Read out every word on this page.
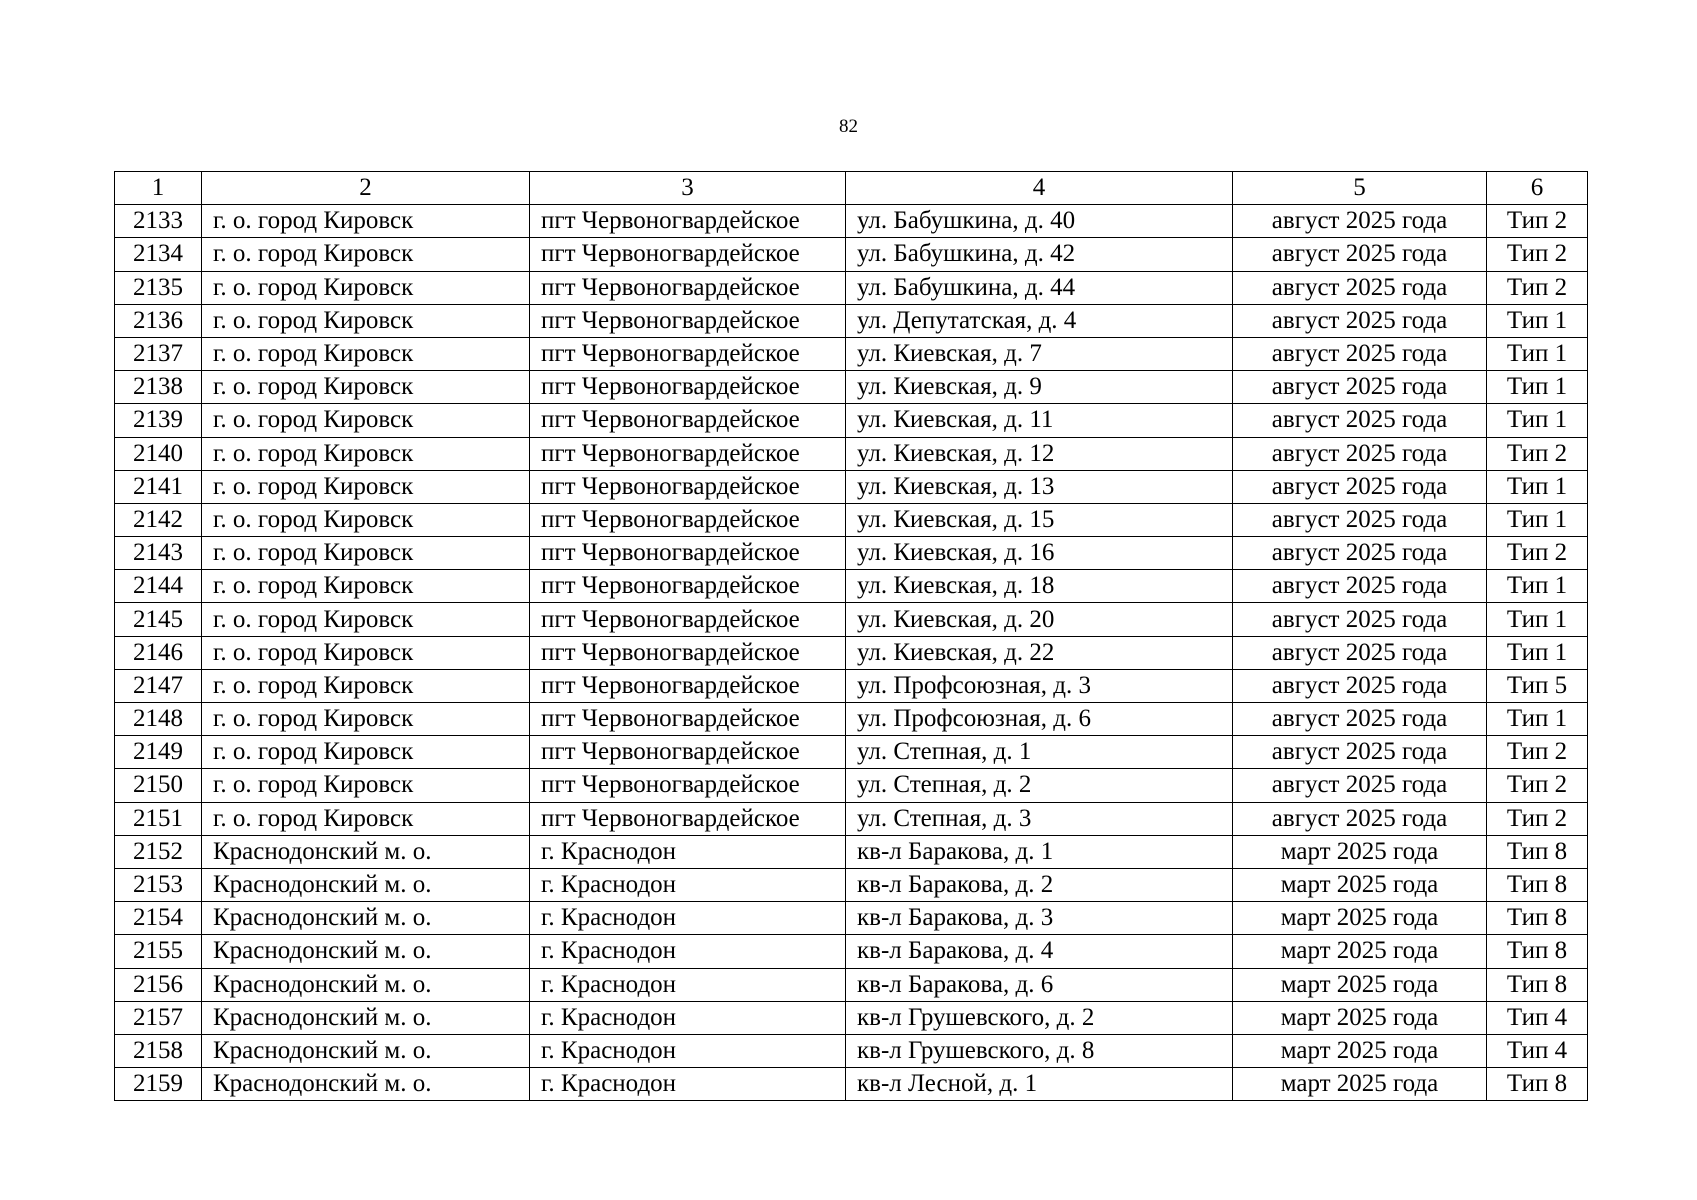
82
1	2	3	4	5	6
2133	г. о. город Кировск	пгт Червоногвардейское	ул. Бабушкина, д. 40	август 2025 года	Тип 2
2134	г. о. город Кировск	пгт Червоногвардейское	ул. Бабушкина, д. 42	август 2025 года	Тип 2
2135	г. о. город Кировск	пгт Червоногвардейское	ул. Бабушкина, д. 44	август 2025 года	Тип 2
2136	г. о. город Кировск	пгт Червоногвардейское	ул. Депутатская, д. 4	август 2025 года	Тип 1
2137	г. о. город Кировск	пгт Червоногвардейское	ул. Киевская, д. 7	август 2025 года	Тип 1
2138	г. о. город Кировск	пгт Червоногвардейское	ул. Киевская, д. 9	август 2025 года	Тип 1
2139	г. о. город Кировск	пгт Червоногвардейское	ул. Киевская, д. 11	август 2025 года	Тип 1
2140	г. о. город Кировск	пгт Червоногвардейское	ул. Киевская, д. 12	август 2025 года	Тип 2
2141	г. о. город Кировск	пгт Червоногвардейское	ул. Киевская, д. 13	август 2025 года	Тип 1
2142	г. о. город Кировск	пгт Червоногвардейское	ул. Киевская, д. 15	август 2025 года	Тип 1
2143	г. о. город Кировск	пгт Червоногвардейское	ул. Киевская, д. 16	август 2025 года	Тип 2
2144	г. о. город Кировск	пгт Червоногвардейское	ул. Киевская, д. 18	август 2025 года	Тип 1
2145	г. о. город Кировск	пгт Червоногвардейское	ул. Киевская, д. 20	август 2025 года	Тип 1
2146	г. о. город Кировск	пгт Червоногвардейское	ул. Киевская, д. 22	август 2025 года	Тип 1
2147	г. о. город Кировск	пгт Червоногвардейское	ул. Профсоюзная, д. 3	август 2025 года	Тип 5
2148	г. о. город Кировск	пгт Червоногвардейское	ул. Профсоюзная, д. 6	август 2025 года	Тип 1
2149	г. о. город Кировск	пгт Червоногвардейское	ул. Степная, д. 1	август 2025 года	Тип 2
2150	г. о. город Кировск	пгт Червоногвардейское	ул. Степная, д. 2	август 2025 года	Тип 2
2151	г. о. город Кировск	пгт Червоногвардейское	ул. Степная, д. 3	август 2025 года	Тип 2
2152	Краснодонский м. о.	г. Краснодон	кв-л Баракова, д. 1	март 2025 года	Тип 8
2153	Краснодонский м. о.	г. Краснодон	кв-л Баракова, д. 2	март 2025 года	Тип 8
2154	Краснодонский м. о.	г. Краснодон	кв-л Баракова, д. 3	март 2025 года	Тип 8
2155	Краснодонский м. о.	г. Краснодон	кв-л Баракова, д. 4	март 2025 года	Тип 8
2156	Краснодонский м. о.	г. Краснодон	кв-л Баракова, д. 6	март 2025 года	Тип 8
2157	Краснодонский м. о.	г. Краснодон	кв-л Грушевского, д. 2	март 2025 года	Тип 4
2158	Краснодонский м. о.	г. Краснодон	кв-л Грушевского, д. 8	март 2025 года	Тип 4
2159	Краснодонский м. о.	г. Краснодон	кв-л Лесной, д. 1	март 2025 года	Тип 8
